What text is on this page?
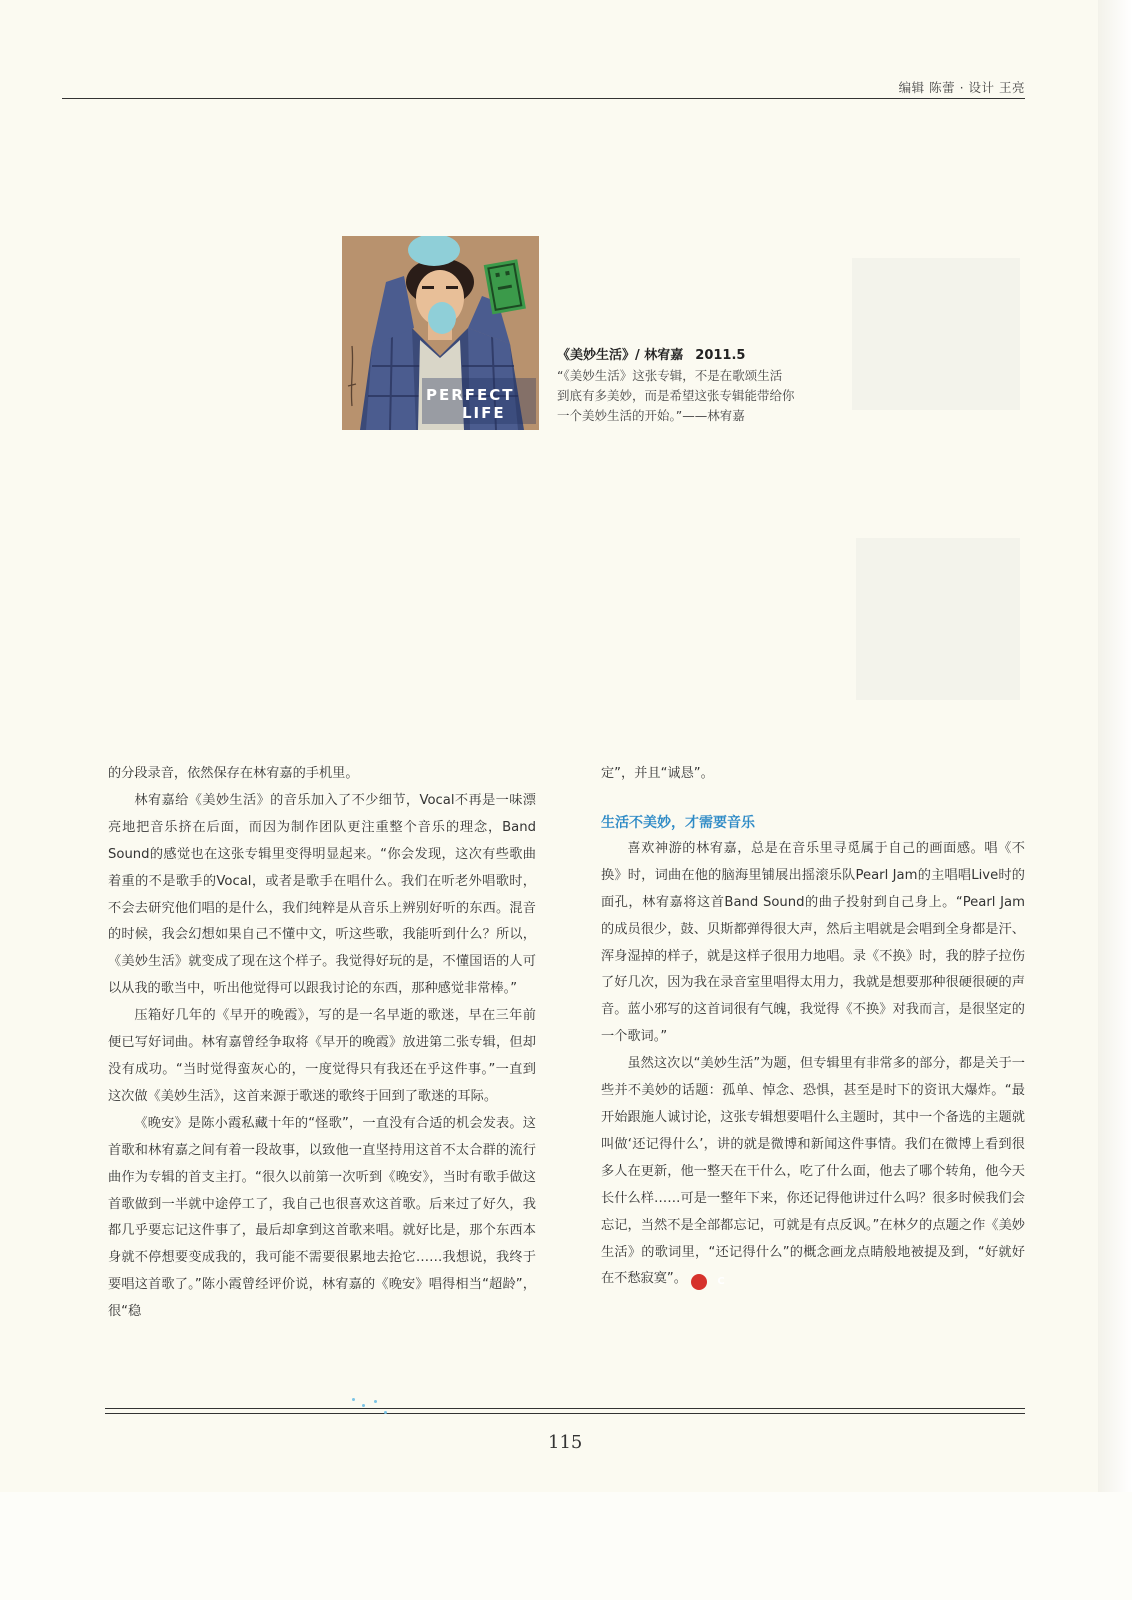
编辑 陈蕾 · 设计 王亮
PERFECT
LIFE
《美妙生活》/ 林宥嘉 2011.5
“《美妙生活》这张专辑，不是在歌颂生活
到底有多美妙，而是希望这张专辑能带给你
一个美妙生活的开始。”——林宥嘉

的分段录音，依然保存在林宥嘉的手机里。

林宥嘉给《美妙生活》的音乐加入了不少细节，Vocal不再是一味漂亮地把音乐挤在后面，而因为制作团队更注重整个音乐的理念，Band Sound的感觉也在这张专辑里变得明显起来。“你会发现，这次有些歌曲着重的不是歌手的Vocal，或者是歌手在唱什么。我们在听老外唱歌时，不会去研究他们唱的是什么，我们纯粹是从音乐上辨别好听的东西。混音的时候，我会幻想如果自己不懂中文，听这些歌，我能听到什么？所以，《美妙生活》就变成了现在这个样子。我觉得好玩的是，不懂国语的人可以从我的歌当中，听出他觉得可以跟我讨论的东西，那种感觉非常棒。”

压箱好几年的《早开的晚霞》，写的是一名早逝的歌迷，早在三年前便已写好词曲。林宥嘉曾经争取将《早开的晚霞》放进第二张专辑，但却没有成功。“当时觉得蛮灰心的，一度觉得只有我还在乎这件事。”一直到这次做《美妙生活》，这首来源于歌迷的歌终于回到了歌迷的耳际。

《晚安》是陈小霞私藏十年的“怪歌”，一直没有合适的机会发表。这首歌和林宥嘉之间有着一段故事，以致他一直坚持用这首不太合群的流行曲作为专辑的首支主打。“很久以前第一次听到《晚安》，当时有歌手做这首歌做到一半就中途停工了，我自己也很喜欢这首歌。后来过了好久，我都几乎要忘记这件事了，最后却拿到这首歌来唱。就好比是，那个东西本身就不停想要变成我的，我可能不需要很累地去抢它……我想说，我终于要唱这首歌了。”陈小霞曾经评价说，林宥嘉的《晚安》唱得相当“超龄”，很“稳

定”，并且“诚恳”。

生活不美妙，才需要音乐

喜欢神游的林宥嘉，总是在音乐里寻觅属于自己的画面感。唱《不换》时，词曲在他的脑海里铺展出摇滚乐队Pearl Jam的主唱唱Live时的面孔，林宥嘉将这首Band Sound的曲子投射到自己身上。“Pearl Jam的成员很少，鼓、贝斯都弹得很大声，然后主唱就是会唱到全身都是汗、浑身湿掉的样子，就是这样子很用力地唱。录《不换》时，我的脖子拉伤了好几次，因为我在录音室里唱得太用力，我就是想要那种很硬很硬的声音。蓝小邪写的这首词很有气魄，我觉得《不换》对我而言，是很坚定的一个歌词。”

虽然这次以“美妙生活”为题，但专辑里有非常多的部分，都是关于一些并不美妙的话题：孤单、悼念、恐惧，甚至是时下的资讯大爆炸。“最开始跟施人诚讨论，这张专辑想要唱什么主题时，其中一个备选的主题就叫做‘还记得什么’，讲的就是微博和新闻这件事情。我们在微博上看到很多人在更新，他一整天在干什么，吃了什么面，他去了哪个转角，他今天长什么样……可是一整年下来，你还记得他讲过什么吗？很多时候我们会忘记，当然不是全部都忘记，可就是有点反讽。”在林夕的点题之作《美妙生活》的歌词里，“还记得什么”的概念画龙点睛般地被提及到，“好就好在不愁寂寞”。	C

115
